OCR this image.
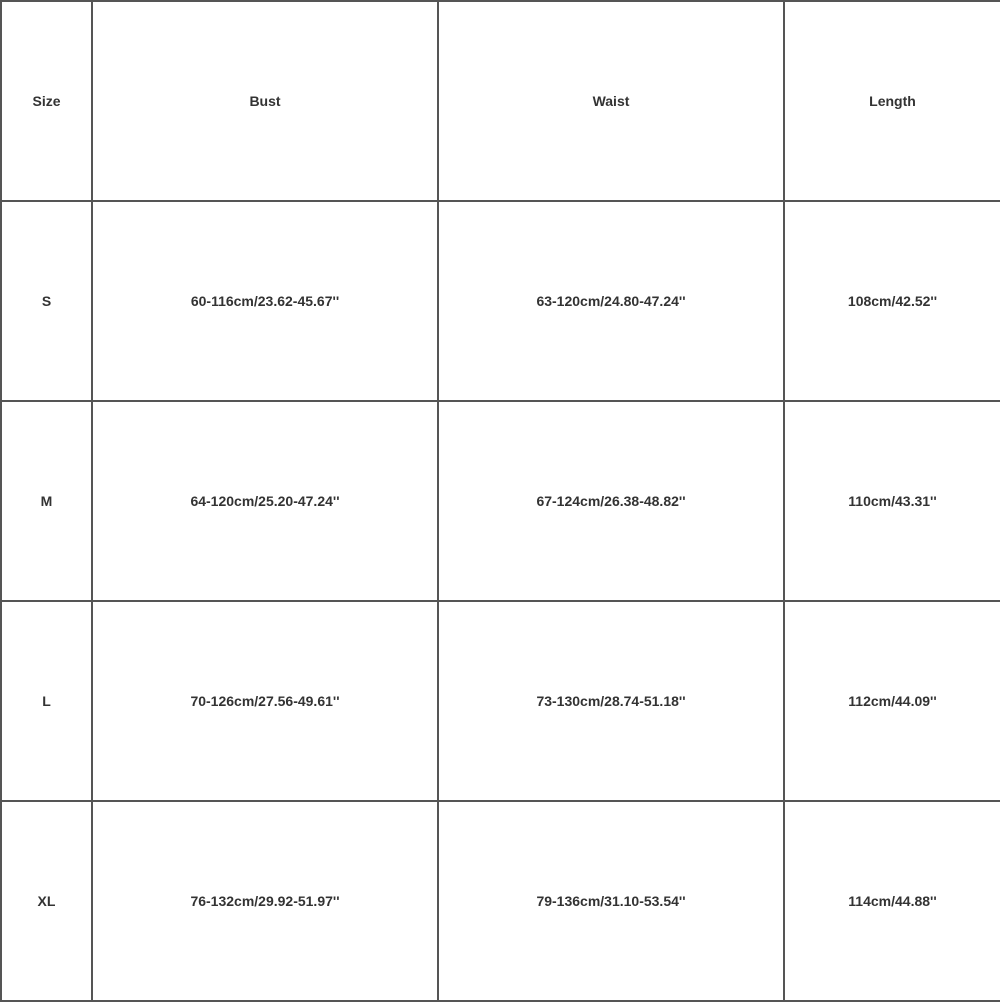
Size	Bust	Waist	Length
S	60-116cm/23.62-45.67''	63-120cm/24.80-47.24''	108cm/42.52''
M	64-120cm/25.20-47.24''	67-124cm/26.38-48.82''	110cm/43.31''
L	70-126cm/27.56-49.61''	73-130cm/28.74-51.18''	112cm/44.09''
XL	76-132cm/29.92-51.97''	79-136cm/31.10-53.54''	114cm/44.88''
